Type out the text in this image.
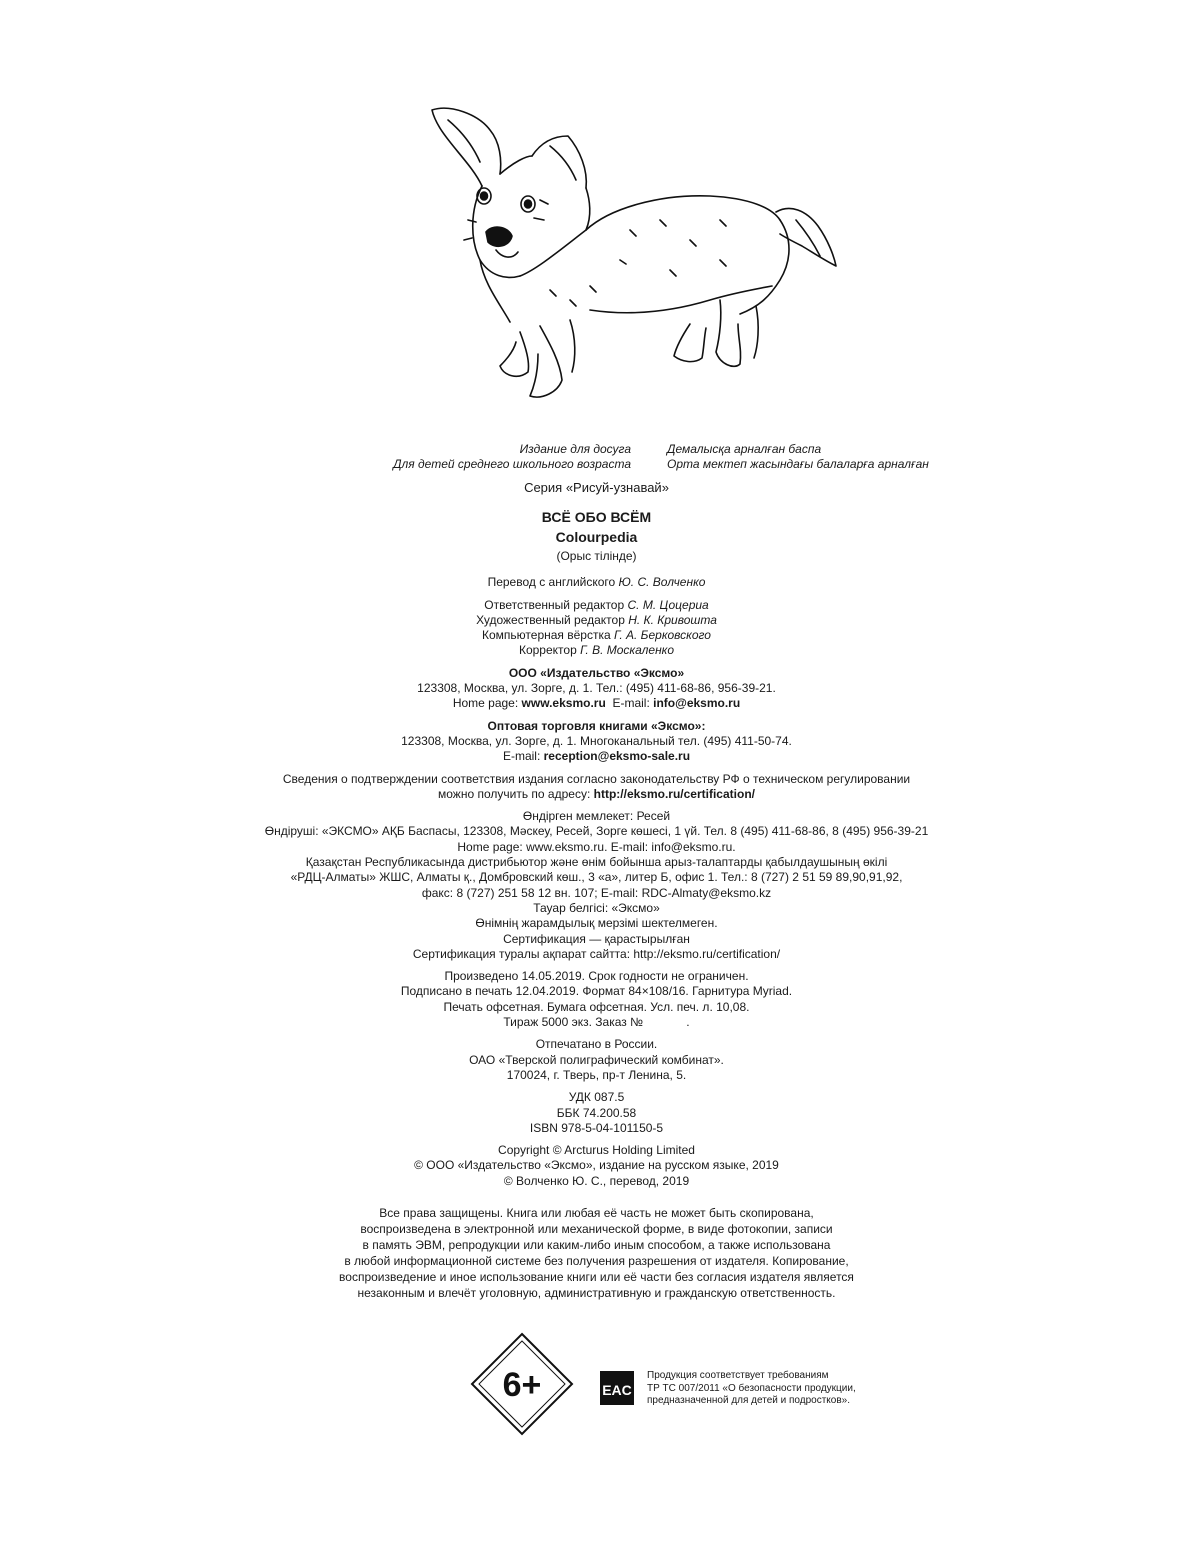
Издание для досуга
Для детей среднего школьного возраста
Демалысқа арналған баспа
Орта мектеп жасындағы балаларға арналған

Серия «Рисуй-узнавай»

ВСЁ ОБО ВСЁМ

Colourpedia

(Орыс тілінде)

Перевод с английского Ю. С. Волченко

Ответственный редактор С. М. Цоцериа

Художественный редактор Н. К. Кривошта

Компьютерная вёрстка Г. А. Берковского

Корректор Г. В. Москаленко

ООО «Издательство «Эксмо»

123308, Москва, ул. Зорге, д. 1. Тел.: (495) 411-68-86, 956-39-21.

Home page: www.eksmo.ru  E-mail: info@eksmo.ru

Оптовая торговля книгами «Эксмо»:

123308, Москва, ул. Зорге, д. 1. Многоканальный тел. (495) 411-50-74.

E-mail: reception@eksmo-sale.ru

Сведения о подтверждении соответствия издания согласно законодательству РФ о техническом регулировании

можно получить по адресу: http://eksmo.ru/certification/

Өндірген мемлекет: Ресей

Өндіруші: «ЭКСМО» АҚБ Баспасы, 123308, Мәскеу, Ресей, Зорге көшесі, 1 үй. Тел. 8 (495) 411-68-86, 8 (495) 956-39-21

Home page: www.eksmo.ru. E-mail: info@eksmo.ru.

Қазақстан Республикасында дистрибьютор және өнім бойынша арыз-талаптарды қабылдаушының өкілі

«РДЦ-Алматы» ЖШС, Алматы қ., Домбровский көш., 3 «а», литер Б, офис 1. Тел.: 8 (727) 2 51 59 89,90,91,92,

факс: 8 (727) 251 58 12 вн. 107; E-mail: RDC-Almaty@eksmo.kz

Тауар белгісі: «Эксмо»

Өнімнің жарамдылық мерзімі шектелмеген.

Сертификация — қарастырылған

Сертификация туралы ақпарат сайтта: http://eksmo.ru/certification/

Произведено 14.05.2019. Срок годности не ограничен.

Подписано в печать 12.04.2019. Формат 84×108/16. Гарнитура Myriad.

Печать офсетная. Бумага офсетная. Усл. печ. л. 10,08.

Тираж 5000 экз. Заказ №             .

Отпечатано в России.

ОАО «Тверской полиграфический комбинат».

170024, г. Тверь, пр-т Ленина, 5.

УДК 087.5

ББК 74.200.58

ISBN 978-5-04-101150-5

Copyright © Arcturus Holding Limited

© ООО «Издательство «Эксмо», издание на русском языке, 2019

© Волченко Ю. С., перевод, 2019

Все права защищены. Книга или любая её часть не может быть скопирована,

воспроизведена в электронной или механической форме, в виде фотокопии, записи

в память ЭВМ, репродукции или каким-либо иным способом, а также использована

в любой информационной системе без получения разрешения от издателя. Копирование,

воспроизведение и иное использование книги или её части без согласия издателя является

незаконным и влечёт уголовную, административную и гражданскую ответственность.

6+	EAC

Продукция соответствует требованиям

ТР ТС 007/2011 «О безопасности продукции,

предназначенной для детей и подростков».
